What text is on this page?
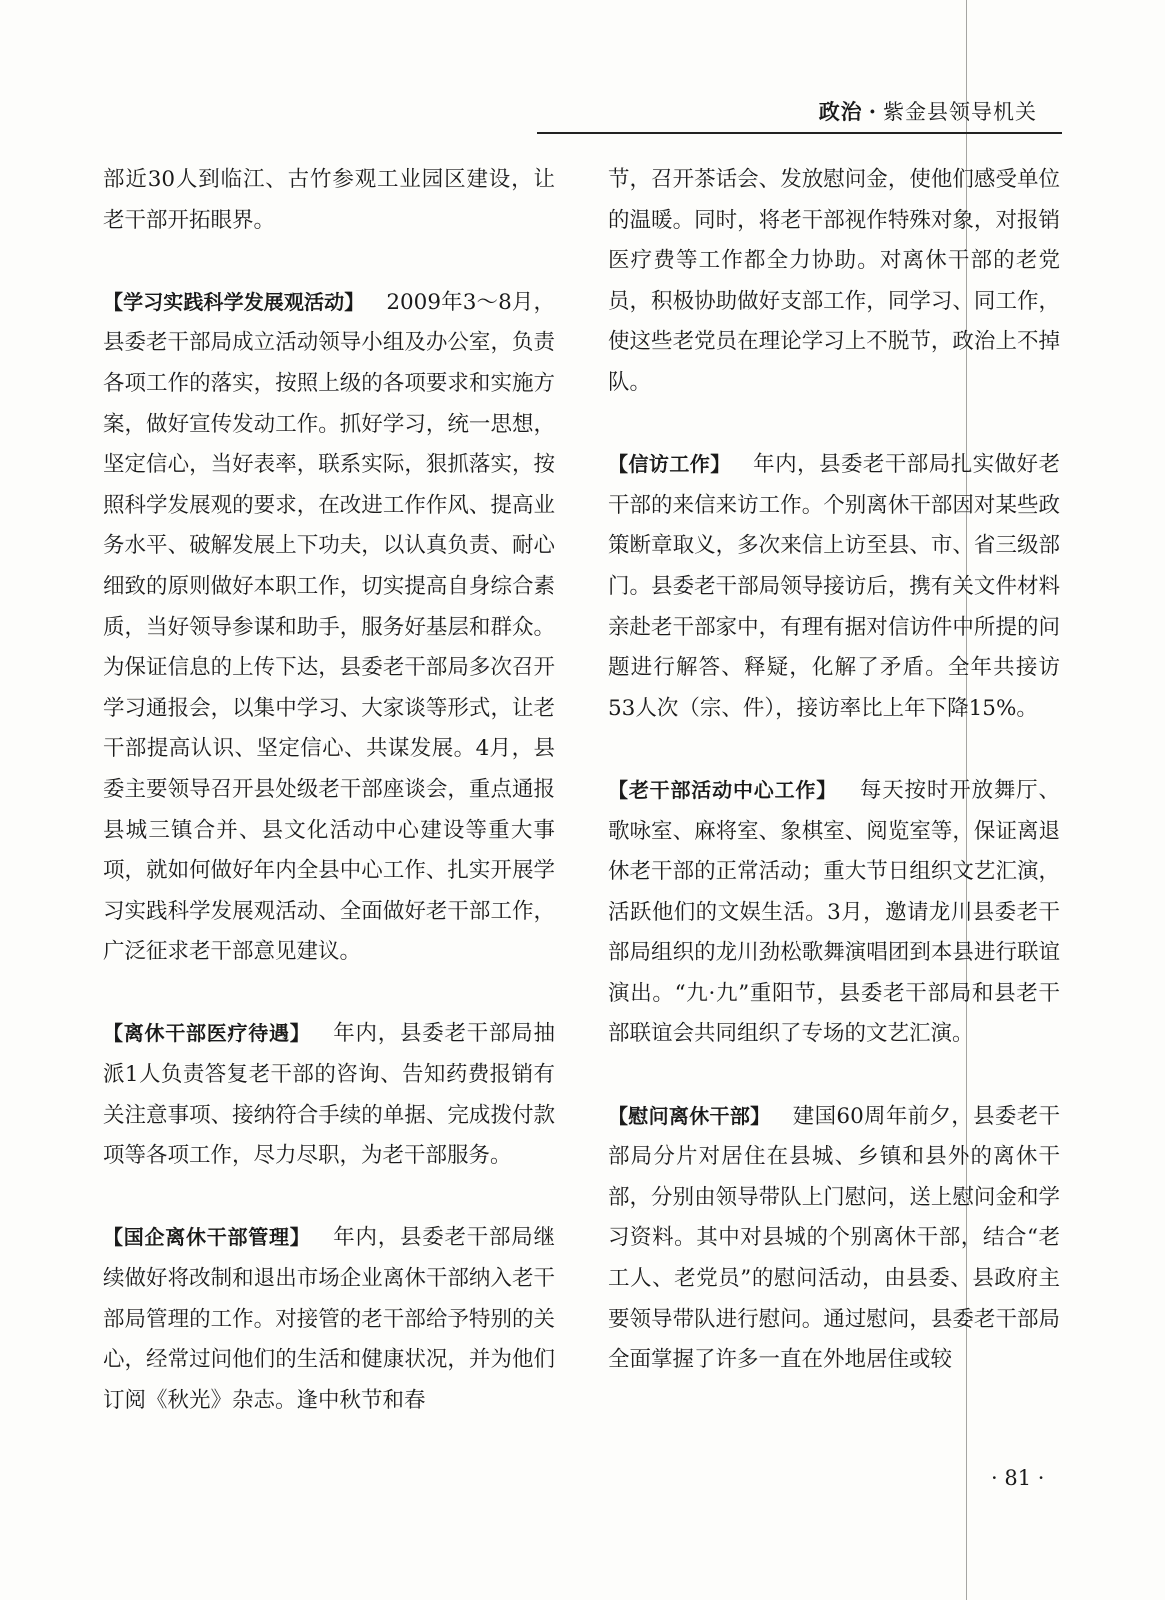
政治 · 紫金县领导机关

部近30人到临江、古竹参观工业园区建设，让老干部开拓眼界。

【学习实践科学发展观活动】 2009年3～8月，县委老干部局成立活动领导小组及办公室，负责各项工作的落实，按照上级的各项要求和实施方案，做好宣传发动工作。抓好学习，统一思想，坚定信心，当好表率，联系实际，狠抓落实，按照科学发展观的要求，在改进工作作风、提高业务水平、破解发展上下功夫，以认真负责、耐心细致的原则做好本职工作，切实提高自身综合素质，当好领导参谋和助手，服务好基层和群众。为保证信息的上传下达，县委老干部局多次召开学习通报会，以集中学习、大家谈等形式，让老干部提高认识、坚定信心、共谋发展。4月，县委主要领导召开县处级老干部座谈会，重点通报县城三镇合并、县文化活动中心建设等重大事项，就如何做好年内全县中心工作、扎实开展学习实践科学发展观活动、全面做好老干部工作，广泛征求老干部意见建议。

【离休干部医疗待遇】 年内，县委老干部局抽派1人负责答复老干部的咨询、告知药费报销有关注意事项、接纳符合手续的单据、完成拨付款项等各项工作，尽力尽职，为老干部服务。

【国企离休干部管理】 年内，县委老干部局继续做好将改制和退出市场企业离休干部纳入老干部局管理的工作。对接管的老干部给予特别的关心，经常过问他们的生活和健康状况，并为他们订阅《秋光》杂志。逢中秋节和春

节，召开茶话会、发放慰问金，使他们感受单位的温暖。同时，将老干部视作特殊对象，对报销医疗费等工作都全力协助。对离休干部的老党员，积极协助做好支部工作，同学习、同工作，使这些老党员在理论学习上不脱节，政治上不掉队。

【信访工作】 年内，县委老干部局扎实做好老干部的来信来访工作。个别离休干部因对某些政策断章取义，多次来信上访至县、市、省三级部门。县委老干部局领导接访后，携有关文件材料亲赴老干部家中，有理有据对信访件中所提的问题进行解答、释疑，化解了矛盾。全年共接访53人次（宗、件），接访率比上年下降15%。

【老干部活动中心工作】 每天按时开放舞厅、歌咏室、麻将室、象棋室、阅览室等，保证离退休老干部的正常活动；重大节日组织文艺汇演，活跃他们的文娱生活。3月，邀请龙川县委老干部局组织的龙川劲松歌舞演唱团到本县进行联谊演出。“九·九”重阳节，县委老干部局和县老干部联谊会共同组织了专场的文艺汇演。

【慰问离休干部】 建国60周年前夕，县委老干部局分片对居住在县城、乡镇和县外的离休干部，分别由领导带队上门慰问，送上慰问金和学习资料。其中对县城的个别离休干部，结合“老工人、老党员”的慰问活动，由县委、县政府主要领导带队进行慰问。通过慰问，县委老干部局全面掌握了许多一直在外地居住或较

· 81 ·
